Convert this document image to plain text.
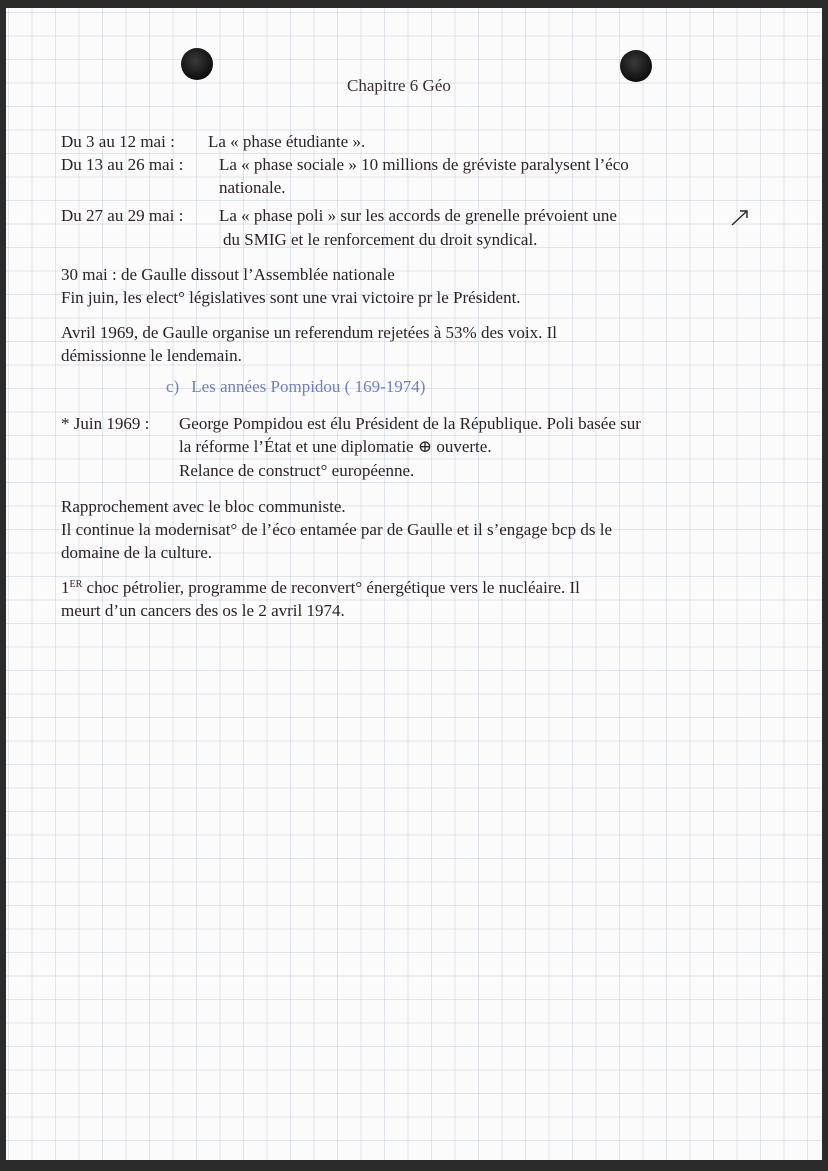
Chapitre 6 Géo
Du 3 au 12 mai : La « phase étudiante ».
Du 13 au 26 mai : La « phase sociale » 10 millions de gréviste paralysent l’éco
nationale.
Du 27 au 29 mai : La « phase poli » sur les accords de grenelle prévoient une
du SMIG et le renforcement du droit syndical.
30 mai : de Gaulle dissout l’Assemblée nationale
Fin juin, les elect° législatives sont une vrai victoire pr le Président.
Avril 1969, de Gaulle organise un referendum rejetées à 53% des voix. Il
démissionne le lendemain.
c) Les années Pompidou ( 169-1974)
* Juin 1969 : George Pompidou est élu Président de la République. Poli basée sur
la réforme l’État et une diplomatie ⊕ ouverte.
Relance de construct° européenne.
Rapprochement avec le bloc communiste.
Il continue la modernisat° de l’éco entamée par de Gaulle et il s’engage bcp ds le
domaine de la culture.
1ER choc pétrolier, programme de reconvert° énergétique vers le nucléaire. Il
meurt d’un cancers des os le 2 avril 1974.
